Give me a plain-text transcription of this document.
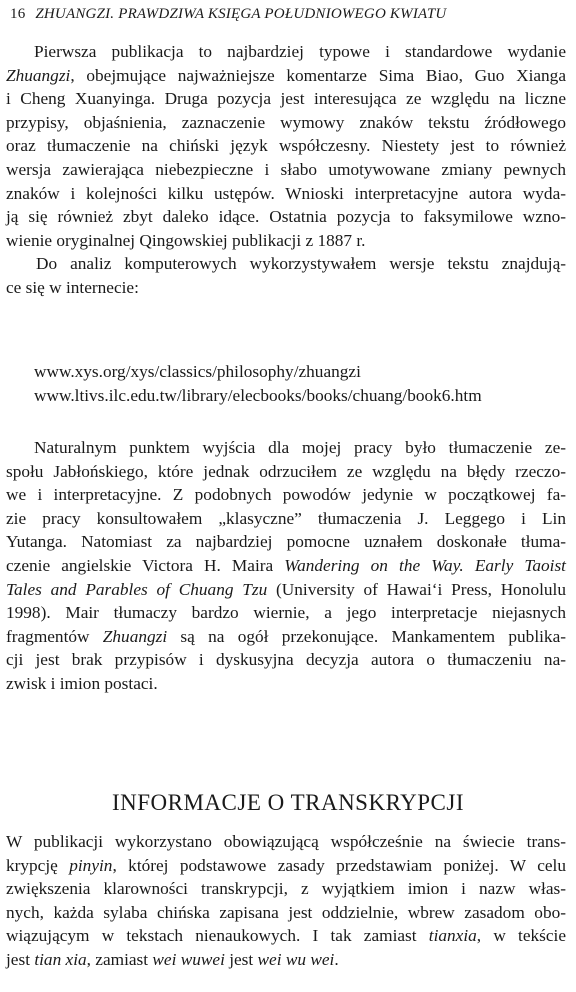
16 ZHUANGZI. PRAWDZIWA KSIĘGA POŁUDNIOWEGO KWIATU
Pierwsza publikacja to najbardziej typowe i standardowe wydanie
Zhuangzi, obejmujące najważniejsze komentarze Sima Biao, Guo Xianga
i Cheng Xuanyinga. Druga pozycja jest interesująca ze względu na liczne
przypisy, objaśnienia, zaznaczenie wymowy znaków tekstu źródłowego
oraz tłumaczenie na chiński język współczesny. Niestety jest to również
wersja zawierająca niebezpieczne i słabo umotywowane zmiany pewnych
znaków i kolejności kilku ustępów. Wnioski interpretacyjne autora wyda-
ją się również zbyt daleko idące. Ostatnia pozycja to faksymilowe wzno-
wienie oryginalnej Qingowskiej publikacji z 1887 r.
Do analiz komputerowych wykorzystywałem wersje tekstu znajdują-
ce się w internecie:
www.xys.org/xys/classics/philosophy/zhuangzi
www.ltivs.ilc.edu.tw/library/elecbooks/books/chuang/book6.htm
Naturalnym punktem wyjścia dla mojej pracy było tłumaczenie ze-
społu Jabłońskiego, które jednak odrzuciłem ze względu na błędy rzeczo-
we i interpretacyjne. Z podobnych powodów jedynie w początkowej fa-
zie pracy konsultowałem „klasyczne” tłumaczenia J. Leggego i Lin
Yutanga. Natomiast za najbardziej pomocne uznałem doskonałe tłuma-
czenie angielskie Victora H. Maira Wandering on the Way. Early Taoist
Tales and Parables of Chuang Tzu (University of Hawai‘i Press, Honolulu
1998). Mair tłumaczy bardzo wiernie, a jego interpretacje niejasnych
fragmentów Zhuangzi są na ogół przekonujące. Mankamentem publika-
cji jest brak przypisów i dyskusyjna decyzja autora o tłumaczeniu na-
zwisk i imion postaci.
INFORMACJE O TRANSKRYPCJI
W publikacji wykorzystano obowiązującą współcześnie na świecie trans-
krypcję pinyin, której podstawowe zasady przedstawiam poniżej. W celu
zwiększenia klarowności transkrypcji, z wyjątkiem imion i nazw włas-
nych, każda sylaba chińska zapisana jest oddzielnie, wbrew zasadom obo-
wiązującym w tekstach nienaukowych. I tak zamiast tianxia, w tekście
jest tian xia, zamiast wei wuwei jest wei wu wei.
